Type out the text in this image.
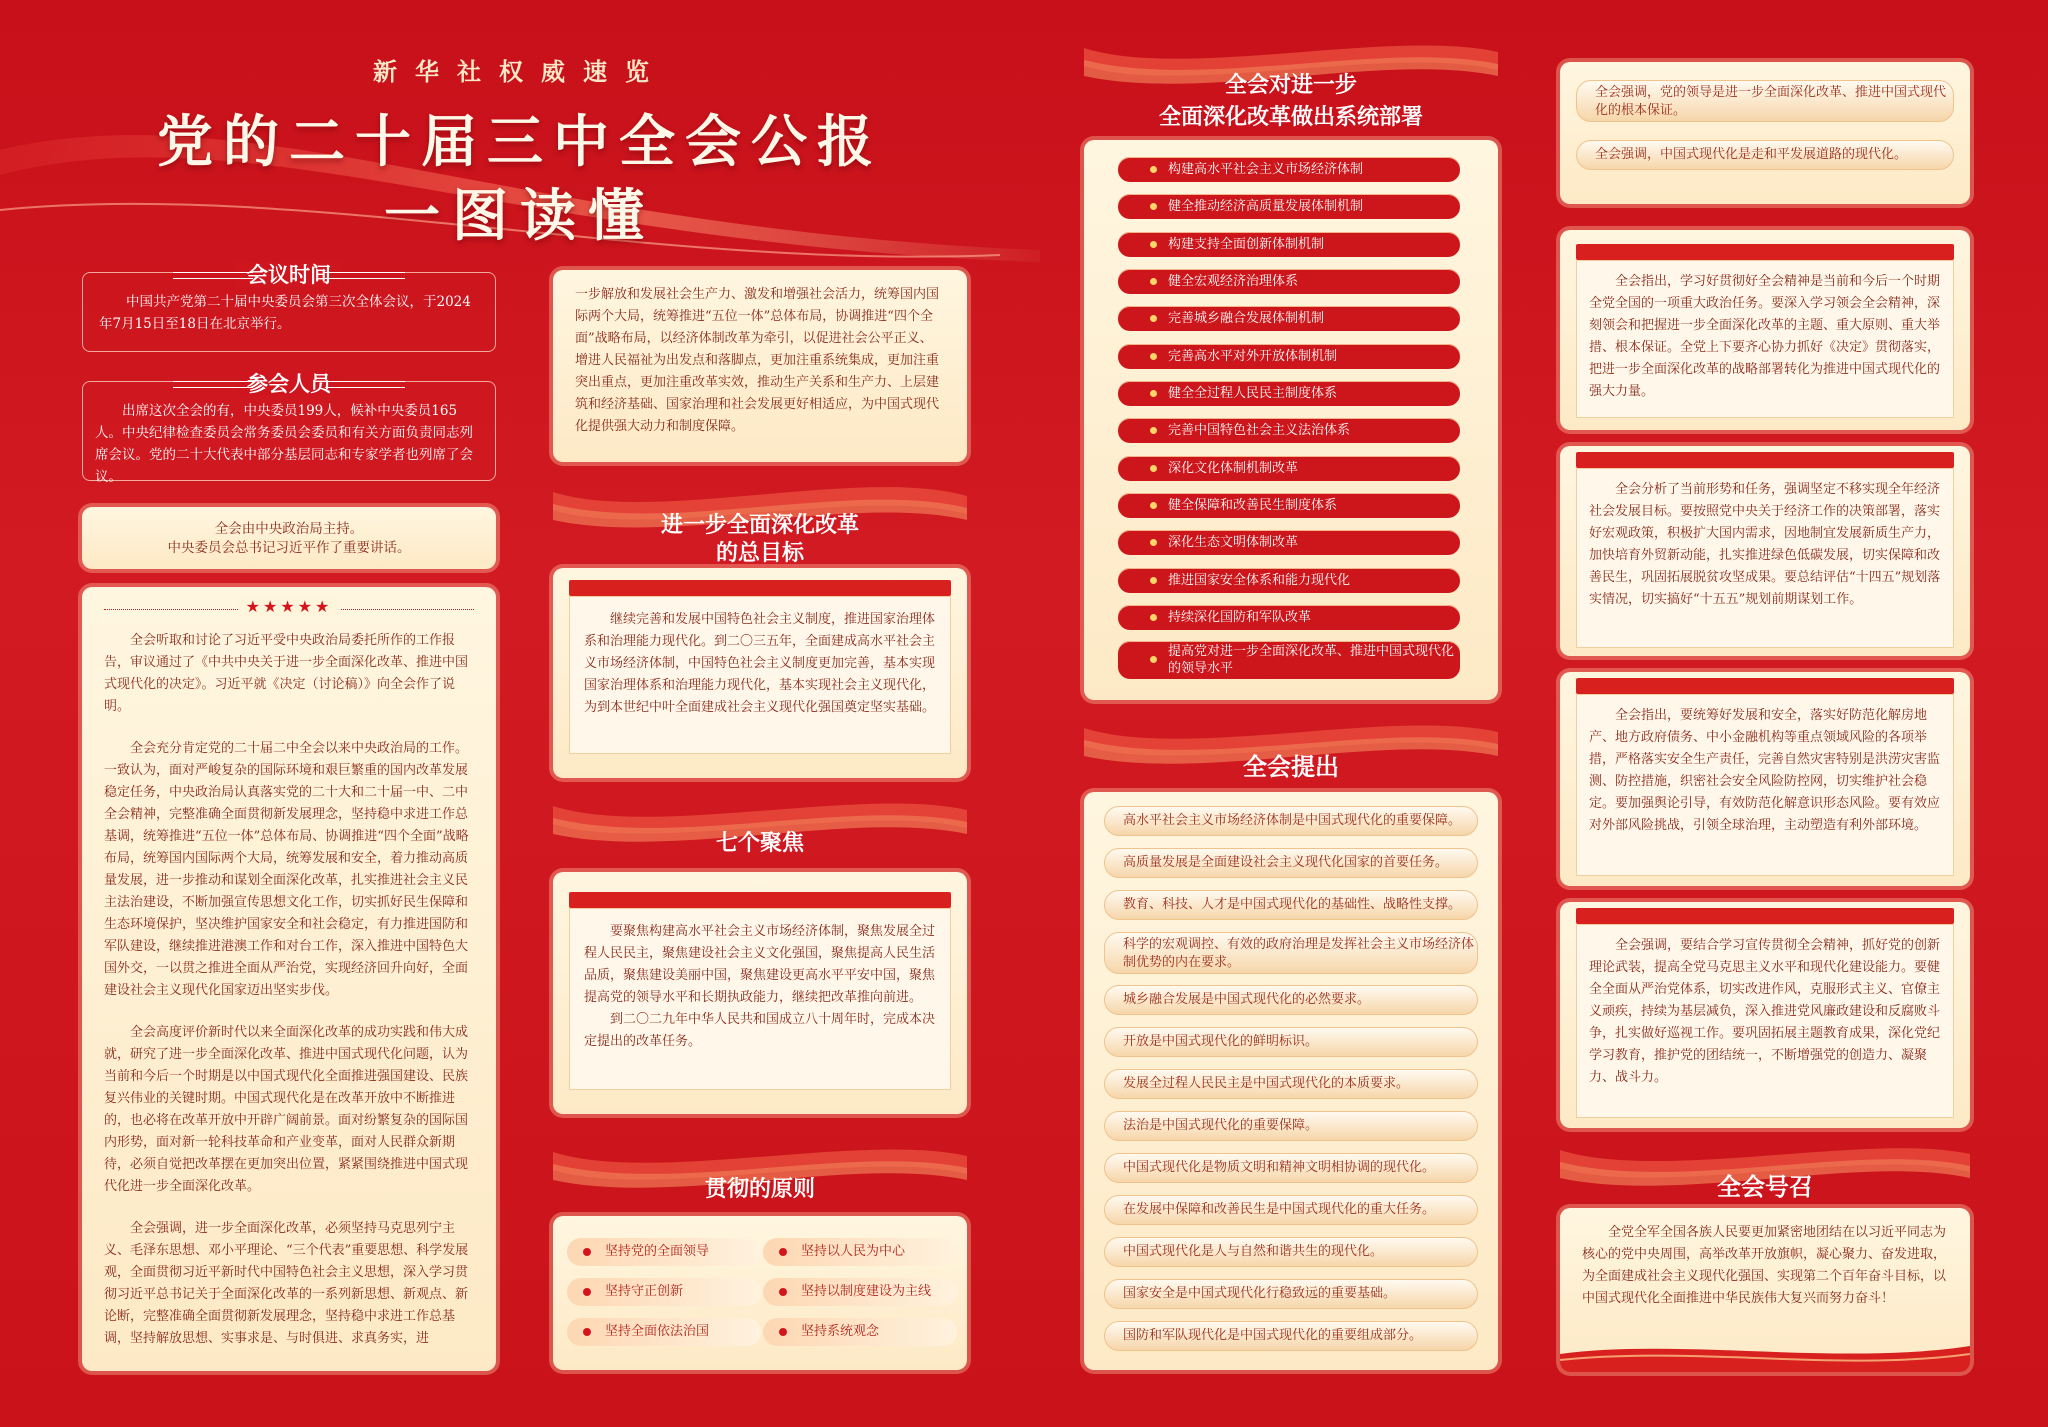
新华社权威速览
党的二十届三中全会公报
一图读懂
会议时间

中国共产党第二十届中央委员会第三次全体会议，于2024年7月15日至18日在北京举行。

参会人员

出席这次全会的有，中央委员199人，候补中央委员165人。中央纪律检查委员会常务委员会委员和有关方面负责同志列席会议。党的二十大代表中部分基层同志和专家学者也列席了会议。

全会由中央政治局主持。
中央委员会总书记习近平作了重要讲话。
★★★★★

全会听取和讨论了习近平受中央政治局委托所作的工作报告，审议通过了《中共中央关于进一步全面深化改革、推进中国式现代化的决定》。习近平就《决定（讨论稿）》向全会作了说明。

全会充分肯定党的二十届二中全会以来中央政治局的工作。一致认为，面对严峻复杂的国际环境和艰巨繁重的国内改革发展稳定任务，中央政治局认真落实党的二十大和二十届一中、二中全会精神，完整准确全面贯彻新发展理念，坚持稳中求进工作总基调，统筹推进“五位一体”总体布局、协调推进“四个全面”战略布局，统筹国内国际两个大局，统筹发展和安全，着力推动高质量发展，进一步推动和谋划全面深化改革，扎实推进社会主义民主法治建设，不断加强宣传思想文化工作，切实抓好民生保障和生态环境保护，坚决维护国家安全和社会稳定，有力推进国防和军队建设，继续推进港澳工作和对台工作，深入推进中国特色大国外交，一以贯之推进全面从严治党，实现经济回升向好，全面建设社会主义现代化国家迈出坚实步伐。

全会高度评价新时代以来全面深化改革的成功实践和伟大成就，研究了进一步全面深化改革、推进中国式现代化问题，认为当前和今后一个时期是以中国式现代化全面推进强国建设、民族复兴伟业的关键时期。中国式现代化是在改革开放中不断推进的，也必将在改革开放中开辟广阔前景。面对纷繁复杂的国际国内形势，面对新一轮科技革命和产业变革，面对人民群众新期待，必须自觉把改革摆在更加突出位置，紧紧围绕推进中国式现代化进一步全面深化改革。

全会强调，进一步全面深化改革，必须坚持马克思列宁主义、毛泽东思想、邓小平理论、“三个代表”重要思想、科学发展观，全面贯彻习近平新时代中国特色社会主义思想，深入学习贯彻习近平总书记关于全面深化改革的一系列新思想、新观点、新论断，完整准确全面贯彻新发展理念，坚持稳中求进工作总基调，坚持解放思想、实事求是、与时俱进、求真务实，进

一步解放和发展社会生产力、激发和增强社会活力，统筹国内国际两个大局，统筹推进“五位一体”总体布局，协调推进“四个全面”战略布局，以经济体制改革为牵引，以促进社会公平正义、增进人民福祉为出发点和落脚点，更加注重系统集成，更加注重突出重点，更加注重改革实效，推动生产关系和生产力、上层建筑和经济基础、国家治理和社会发展更好相适应，为中国式现代化提供强大动力和制度保障。

进一步全面深化改革
的总目标

继续完善和发展中国特色社会主义制度，推进国家治理体系和治理能力现代化。到二〇三五年，全面建成高水平社会主义市场经济体制，中国特色社会主义制度更加完善，基本实现国家治理体系和治理能力现代化，基本实现社会主义现代化，为到本世纪中叶全面建成社会主义现代化强国奠定坚实基础。

七个聚焦

要聚焦构建高水平社会主义市场经济体制，聚焦发展全过程人民民主，聚焦建设社会主义文化强国，聚焦提高人民生活品质，聚焦建设美丽中国，聚焦建设更高水平平安中国，聚焦提高党的领导水平和长期执政能力，继续把改革推向前进。

到二〇二九年中华人民共和国成立八十周年时，完成本决定提出的改革任务。

贯彻的原则
坚持党的全面领导	坚持以人民为中心
坚持守正创新	坚持以制度建设为主线
坚持全面依法治国	坚持系统观念
全会对进一步
全面深化改革做出系统部署
构建高水平社会主义市场经济体制
健全推动经济高质量发展体制机制
构建支持全面创新体制机制
健全宏观经济治理体系
完善城乡融合发展体制机制
完善高水平对外开放体制机制
健全全过程人民民主制度体系
完善中国特色社会主义法治体系
深化文化体制机制改革
健全保障和改善民生制度体系
深化生态文明体制改革
推进国家安全体系和能力现代化
持续深化国防和军队改革
提高党对进一步全面深化改革、推进中国式现代化的领导水平
全会提出
高水平社会主义市场经济体制是中国式现代化的重要保障。
高质量发展是全面建设社会主义现代化国家的首要任务。
教育、科技、人才是中国式现代化的基础性、战略性支撑。
科学的宏观调控、有效的政府治理是发挥社会主义市场经济体制优势的内在要求。
城乡融合发展是中国式现代化的必然要求。
开放是中国式现代化的鲜明标识。
发展全过程人民民主是中国式现代化的本质要求。
法治是中国式现代化的重要保障。
中国式现代化是物质文明和精神文明相协调的现代化。
在发展中保障和改善民生是中国式现代化的重大任务。
中国式现代化是人与自然和谐共生的现代化。
国家安全是中国式现代化行稳致远的重要基础。
国防和军队现代化是中国式现代化的重要组成部分。
全会强调，党的领导是进一步全面深化改革、推进中国式现代化的根本保证。
全会强调，中国式现代化是走和平发展道路的现代化。

全会指出，学习好贯彻好全会精神是当前和今后一个时期全党全国的一项重大政治任务。要深入学习领会全会精神，深刻领会和把握进一步全面深化改革的主题、重大原则、重大举措、根本保证。全党上下要齐心协力抓好《决定》贯彻落实，把进一步全面深化改革的战略部署转化为推进中国式现代化的强大力量。

全会分析了当前形势和任务，强调坚定不移实现全年经济社会发展目标。要按照党中央关于经济工作的决策部署，落实好宏观政策，积极扩大国内需求，因地制宜发展新质生产力，加快培育外贸新动能，扎实推进绿色低碳发展，切实保障和改善民生，巩固拓展脱贫攻坚成果。要总结评估“十四五”规划落实情况，切实搞好“十五五”规划前期谋划工作。

全会指出，要统筹好发展和安全，落实好防范化解房地产、地方政府债务、中小金融机构等重点领域风险的各项举措，严格落实安全生产责任，完善自然灾害特别是洪涝灾害监测、防控措施，织密社会安全风险防控网，切实维护社会稳定。要加强舆论引导，有效防范化解意识形态风险。要有效应对外部风险挑战，引领全球治理，主动塑造有利外部环境。

全会强调，要结合学习宣传贯彻全会精神，抓好党的创新理论武装，提高全党马克思主义水平和现代化建设能力。要健全全面从严治党体系，切实改进作风，克服形式主义、官僚主义顽疾，持续为基层减负，深入推进党风廉政建设和反腐败斗争，扎实做好巡视工作。要巩固拓展主题教育成果，深化党纪学习教育，推护党的团结统一，不断增强党的创造力、凝聚力、战斗力。

全会号召

全党全军全国各族人民要更加紧密地团结在以习近平同志为核心的党中央周围，高举改革开放旗帜，凝心聚力、奋发进取，为全面建成社会主义现代化强国、实现第二个百年奋斗目标，以中国式现代化全面推进中华民族伟大复兴而努力奋斗！
